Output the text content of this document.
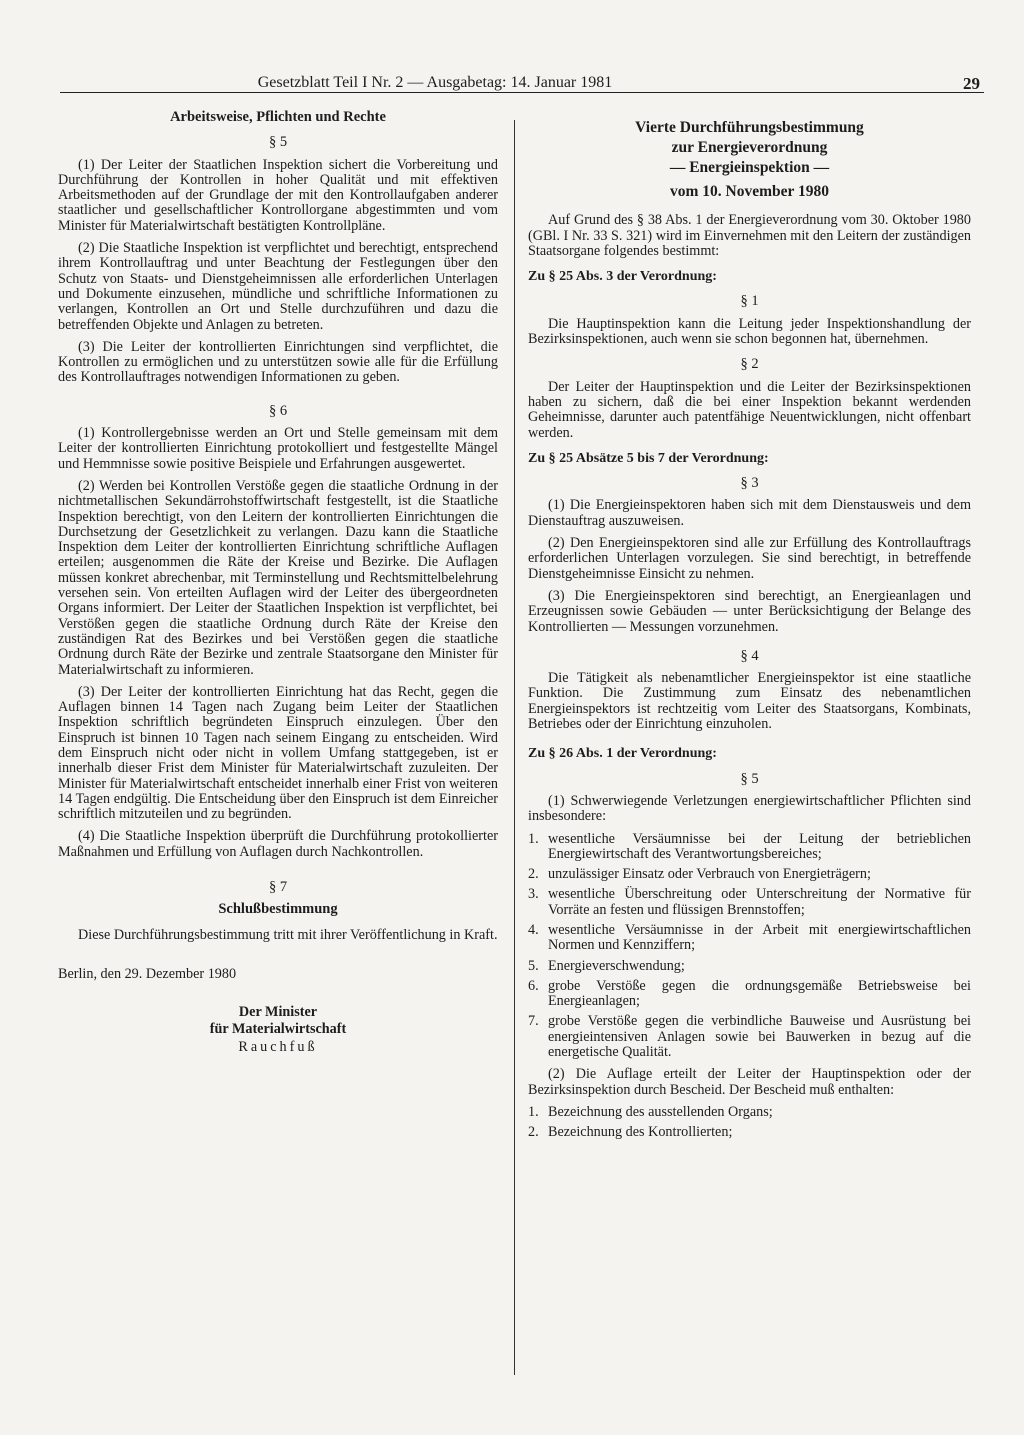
Gesetzblatt Teil I Nr. 2 — Ausgabetag: 14. Januar 1981	29
Arbeitsweise, Pflichten und Rechte
§ 5

(1) Der Leiter der Staatlichen Inspektion sichert die Vorbereitung und Durchführung der Kontrollen in hoher Qualität und mit effektiven Arbeitsmethoden auf der Grundlage der mit den Kontrollaufgaben anderer staatlicher und gesellschaftlicher Kontrollorgane abgestimmten und vom Minister für Materialwirtschaft bestätigten Kontrollpläne.

(2) Die Staatliche Inspektion ist verpflichtet und berechtigt, entsprechend ihrem Kontrollauftrag und unter Beachtung der Festlegungen über den Schutz von Staats- und Dienstgeheimnissen alle erforderlichen Unterlagen und Dokumente einzusehen, mündliche und schriftliche Informationen zu verlangen, Kontrollen an Ort und Stelle durchzuführen und dazu die betreffenden Objekte und Anlagen zu betreten.

(3) Die Leiter der kontrollierten Einrichtungen sind verpflichtet, die Kontrollen zu ermöglichen und zu unterstützen sowie alle für die Erfüllung des Kontrollauftrages notwendigen Informationen zu geben.

§ 6

(1) Kontrollergebnisse werden an Ort und Stelle gemeinsam mit dem Leiter der kontrollierten Einrichtung protokolliert und festgestellte Mängel und Hemmnisse sowie positive Beispiele und Erfahrungen ausgewertet.

(2) Werden bei Kontrollen Verstöße gegen die staatliche Ordnung in der nichtmetallischen Sekundärrohstoffwirtschaft festgestellt, ist die Staatliche Inspektion berechtigt, von den Leitern der kontrollierten Einrichtungen die Durchsetzung der Gesetzlichkeit zu verlangen. Dazu kann die Staatliche Inspektion dem Leiter der kontrollierten Einrichtung schriftliche Auflagen erteilen; ausgenommen die Räte der Kreise und Bezirke. Die Auflagen müssen konkret abrechenbar, mit Terminstellung und Rechtsmittelbelehrung versehen sein. Von erteilten Auflagen wird der Leiter des übergeordneten Organs informiert. Der Leiter der Staatlichen Inspektion ist verpflichtet, bei Verstößen gegen die staatliche Ordnung durch Räte der Kreise den zuständigen Rat des Bezirkes und bei Verstößen gegen die staatliche Ordnung durch Räte der Bezirke und zentrale Staatsorgane den Minister für Materialwirtschaft zu informieren.

(3) Der Leiter der kontrollierten Einrichtung hat das Recht, gegen die Auflagen binnen 14 Tagen nach Zugang beim Leiter der Staatlichen Inspektion schriftlich begründeten Einspruch einzulegen. Über den Einspruch ist binnen 10 Tagen nach seinem Eingang zu entscheiden. Wird dem Einspruch nicht oder nicht in vollem Umfang stattgegeben, ist er innerhalb dieser Frist dem Minister für Materialwirtschaft zuzuleiten. Der Minister für Materialwirtschaft entscheidet innerhalb einer Frist von weiteren 14 Tagen endgültig. Die Entscheidung über den Einspruch ist dem Einreicher schriftlich mitzuteilen und zu begründen.

(4) Die Staatliche Inspektion überprüft die Durchführung protokollierter Maßnahmen und Erfüllung von Auflagen durch Nachkontrollen.

§ 7
Schlußbestimmung

Diese Durchführungsbestimmung tritt mit ihrer Veröffentlichung in Kraft.

Berlin, den 29. Dezember 1980

Der Minister
für Materialwirtschaft
Rauchfuß
Vierte Durchführungsbestimmung
zur Energieverordnung
— Energieinspektion —
vom 10. November 1980

Auf Grund des § 38 Abs. 1 der Energieverordnung vom 30. Oktober 1980 (GBl. I Nr. 33 S. 321) wird im Einvernehmen mit den Leitern der zuständigen Staatsorgane folgendes bestimmt:

Zu § 25 Abs. 3 der Verordnung:
§ 1

Die Hauptinspektion kann die Leitung jeder Inspektionshandlung der Bezirksinspektionen, auch wenn sie schon begonnen hat, übernehmen.

§ 2

Der Leiter der Hauptinspektion und die Leiter der Bezirksinspektionen haben zu sichern, daß die bei einer Inspektion bekannt werdenden Geheimnisse, darunter auch patentfähige Neuentwicklungen, nicht offenbart werden.

Zu § 25 Absätze 5 bis 7 der Verordnung:
§ 3

(1) Die Energieinspektoren haben sich mit dem Dienstausweis und dem Dienstauftrag auszuweisen.

(2) Den Energieinspektoren sind alle zur Erfüllung des Kontrollauftrags erforderlichen Unterlagen vorzulegen. Sie sind berechtigt, in betreffende Dienstgeheimnisse Einsicht zu nehmen.

(3) Die Energieinspektoren sind berechtigt, an Energieanlagen und Erzeugnissen sowie Gebäuden — unter Berücksichtigung der Belange des Kontrollierten — Messungen vorzunehmen.

§ 4

Die Tätigkeit als nebenamtlicher Energieinspektor ist eine staatliche Funktion. Die Zustimmung zum Einsatz des nebenamtlichen Energieinspektors ist rechtzeitig vom Leiter des Staatsorgans, Kombinats, Betriebes oder der Einrichtung einzuholen.

Zu § 26 Abs. 1 der Verordnung:
§ 5

(1) Schwerwiegende Verletzungen energiewirtschaftlicher Pflichten sind insbesondere:

1. wesentliche Versäumnisse bei der Leitung der betrieblichen Energiewirtschaft des Verantwortungsbereiches;
2. unzulässiger Einsatz oder Verbrauch von Energieträgern;
3. wesentliche Überschreitung oder Unterschreitung der Normative für Vorräte an festen und flüssigen Brennstoffen;
4. wesentliche Versäumnisse in der Arbeit mit energiewirtschaftlichen Normen und Kennziffern;
5. Energieverschwendung;
6. grobe Verstöße gegen die ordnungsgemäße Betriebsweise bei Energieanlagen;
7. grobe Verstöße gegen die verbindliche Bauweise und Ausrüstung bei energieintensiven Anlagen sowie bei Bauwerken in bezug auf die energetische Qualität.

(2) Die Auflage erteilt der Leiter der Hauptinspektion oder der Bezirksinspektion durch Bescheid. Der Bescheid muß enthalten:

1. Bezeichnung des ausstellenden Organs;
2. Bezeichnung des Kontrollierten;
